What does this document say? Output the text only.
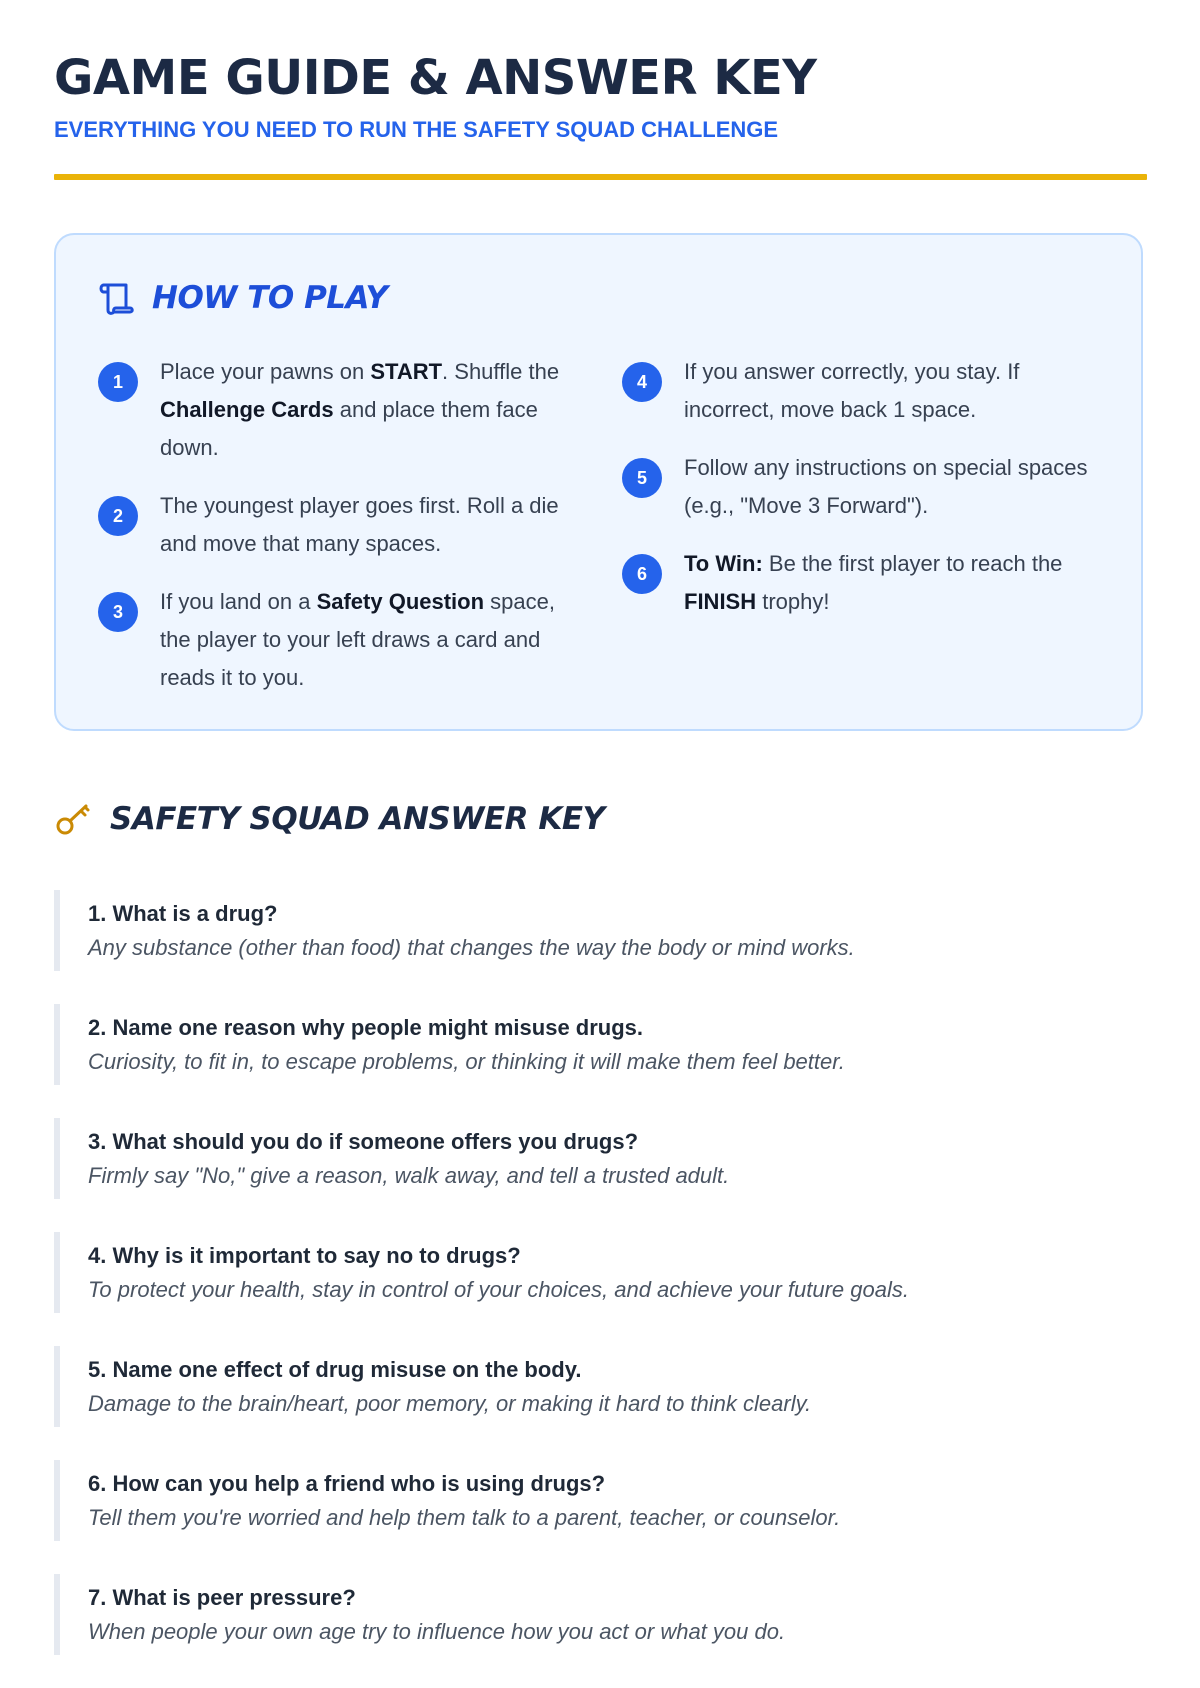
GAME GUIDE & ANSWER KEY
EVERYTHING YOU NEED TO RUN THE SAFETY SQUAD CHALLENGE
HOW TO PLAY
1	Place your pawns on START. Shuffle the Challenge Cards and place them face down.
2	The youngest player goes first. Roll a die and move that many spaces.
3	If you land on a Safety Question space, the player to your left draws a card and reads it to you.
4	If you answer correctly, you stay. If incorrect, move back 1 space.
5	Follow any instructions on special spaces (e.g., "Move 3 Forward").
6	To Win: Be the first player to reach the FINISH trophy!
SAFETY SQUAD ANSWER KEY
1. What is a drug?
Any substance (other than food) that changes the way the body or mind works.
2. Name one reason why people might misuse drugs.
Curiosity, to fit in, to escape problems, or thinking it will make them feel better.
3. What should you do if someone offers you drugs?
Firmly say "No," give a reason, walk away, and tell a trusted adult.
4. Why is it important to say no to drugs?
To protect your health, stay in control of your choices, and achieve your future goals.
5. Name one effect of drug misuse on the body.
Damage to the brain/heart, poor memory, or making it hard to think clearly.
6. How can you help a friend who is using drugs?
Tell them you're worried and help them talk to a parent, teacher, or counselor.
7. What is peer pressure?
When people your own age try to influence how you act or what you do.
